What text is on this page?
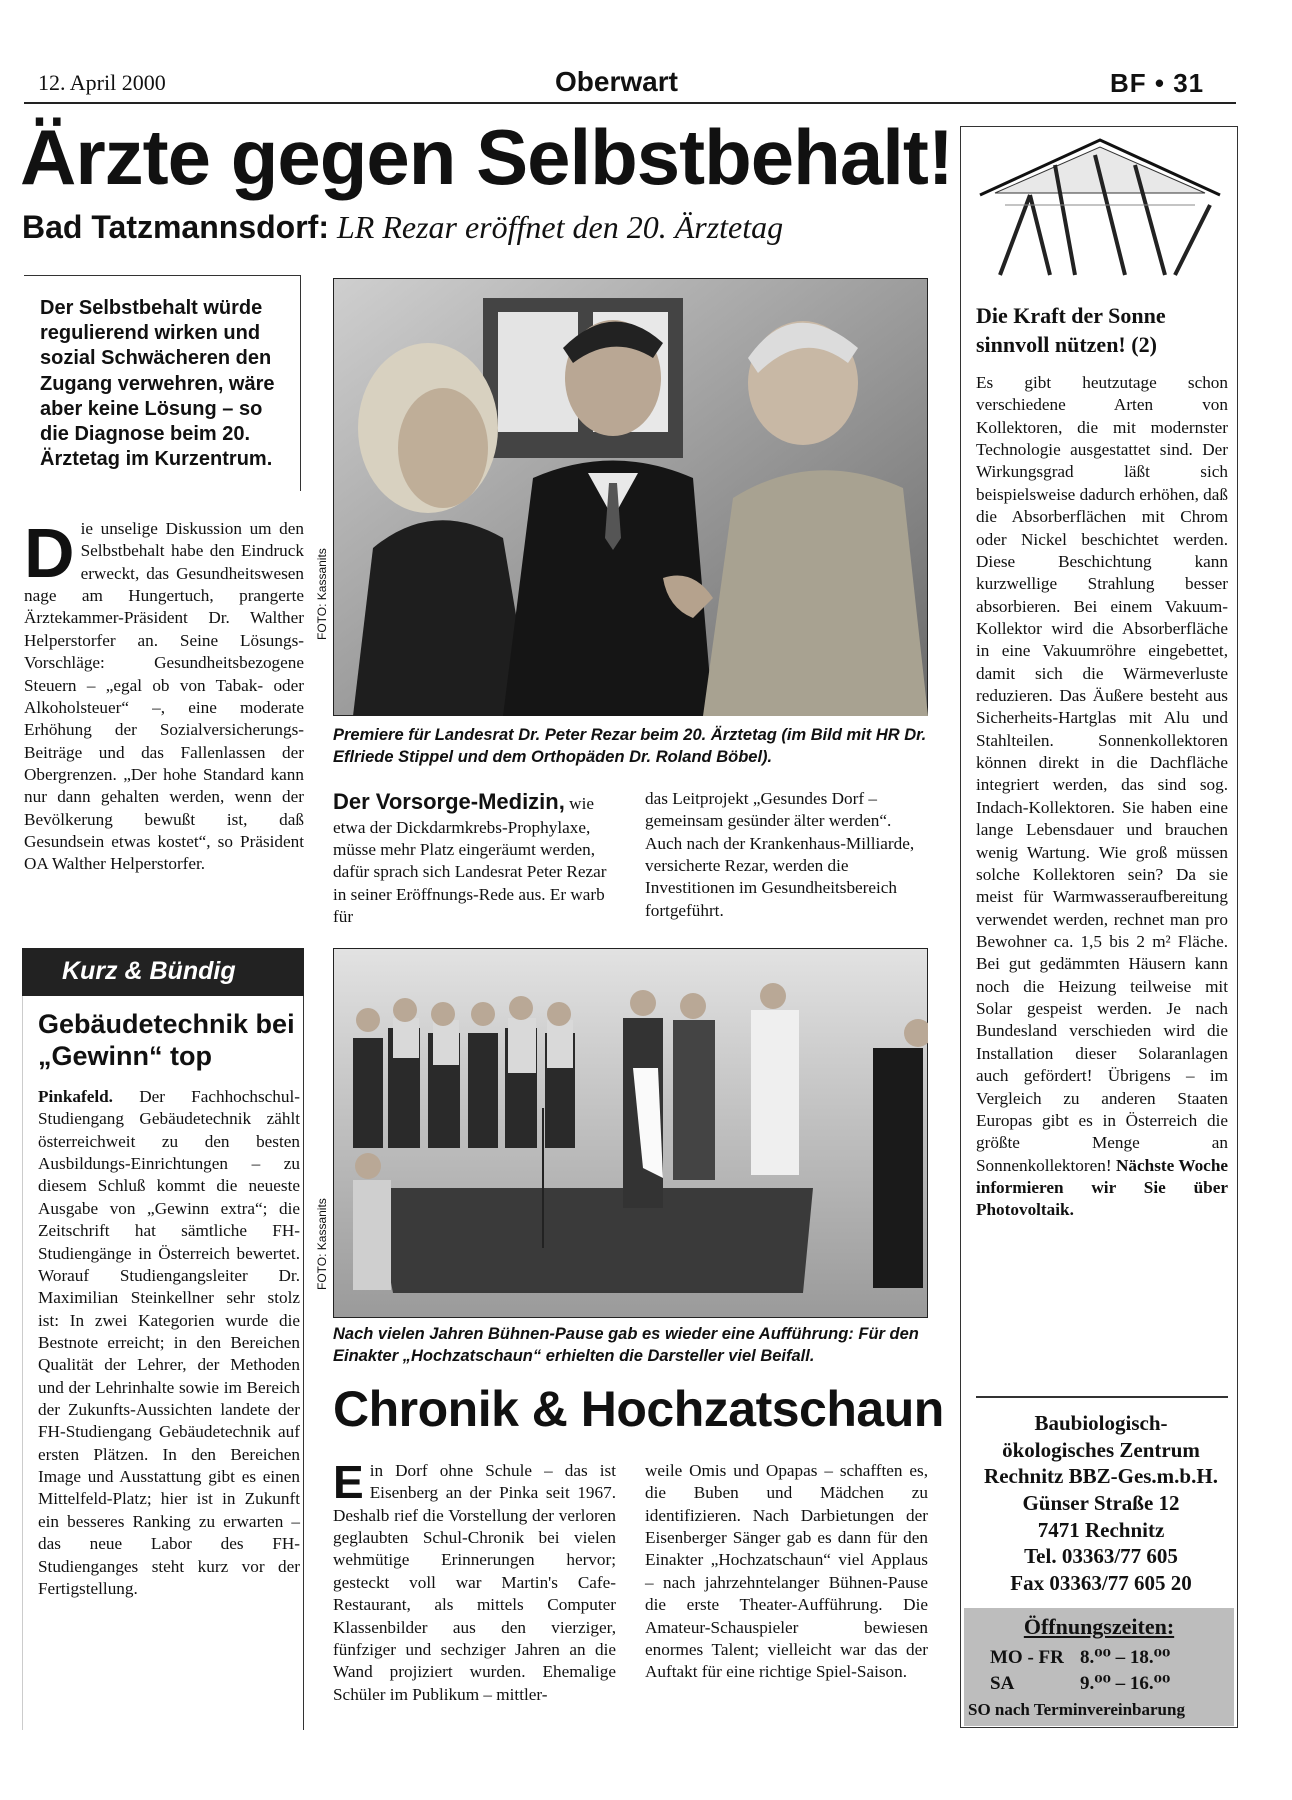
12. April 2000	Oberwart	BF • 31
Ärzte gegen Selbstbehalt!
Bad Tatzmannsdorf: LR Rezar eröffnet den 20. Ärztetag
Der Selbstbehalt würde regulierend wirken und sozial Schwächeren den Zugang verwehren, wäre aber keine Lösung – so die Diagnose beim 20. Ärztetag im Kurzentrum.
Die unselige Diskussion um den Selbstbehalt habe den Eindruck erweckt, das Gesundheitswesen nage am Hungertuch, prangerte Ärztekammer-Präsident Dr. Walther Helperstorfer an. Seine Lösungs-Vorschläge: Gesundheitsbezogene Steuern – „egal ob von Tabak- oder Alkoholsteuer“ –, eine moderate Erhöhung der Sozialversicherungs-Beiträge und das Fallenlassen der Obergrenzen. „Der hohe Standard kann nur dann gehalten werden, wenn der Bevölkerung bewußt ist, daß Gesundsein etwas kostet“, so Präsident OA Walther Helperstorfer.
FOTO: Kassanits
Premiere für Landesrat Dr. Peter Rezar beim 20. Ärztetag (im Bild mit HR Dr. Eflriede Stippel und dem Orthopäden Dr. Roland Böbel).
Der Vorsorge-Medizin, wie etwa der Dickdarmkrebs-Prophylaxe, müsse mehr Platz eingeräumt werden, dafür sprach sich Landesrat Peter Rezar in seiner Eröffnungs-Rede aus. Er warb für
das Leitprojekt „Gesundes Dorf – gemeinsam gesünder älter werden“. Auch nach der Krankenhaus-Milliarde, versicherte Rezar, werden die Investitionen im Gesundheitsbereich fortgeführt.
Kurz & Bündig
Gebäudetechnik bei „Gewinn“ top
Pinkafeld. Der Fachhochschul-Studiengang Gebäudetechnik zählt österreichweit zu den besten Ausbildungs-Einrichtungen – zu diesem Schluß kommt die neueste Ausgabe von „Gewinn extra“; die Zeitschrift hat sämtliche FH-Studiengänge in Österreich bewertet. Worauf Studiengangsleiter Dr. Maximilian Steinkellner sehr stolz ist: In zwei Kategorien wurde die Bestnote erreicht; in den Bereichen Qualität der Lehrer, der Methoden und der Lehrinhalte sowie im Bereich der Zukunfts-Aussichten landete der FH-Studiengang Gebäudetechnik auf ersten Plätzen. In den Bereichen Image und Ausstattung gibt es einen Mittelfeld-Platz; hier ist in Zukunft ein besseres Ranking zu erwarten – das neue Labor des FH-Studienganges steht kurz vor der Fertigstellung.
FOTO: Kassanits
Nach vielen Jahren Bühnen-Pause gab es wieder eine Aufführung: Für den Einakter „Hochzatschaun“ erhielten die Darsteller viel Beifall.
Chronik & Hochzatschaun
Ein Dorf ohne Schule – das ist Eisenberg an der Pinka seit 1967. Deshalb rief die Vorstellung der verloren geglaubten Schul-Chronik bei vielen wehmütige Erinnerungen hervor; gesteckt voll war Martin's Cafe-Restaurant, als mittels Computer Klassenbilder aus den vierziger, fünfziger und sechziger Jahren an die Wand projiziert wurden. Ehemalige Schüler im Publikum – mittler-
weile Omis und Opapas – schafften es, die Buben und Mädchen zu identifizieren. Nach Darbietungen der Eisenberger Sänger gab es dann für den Einakter „Hochzatschaun“ viel Applaus – nach jahrzehntelanger Bühnen-Pause die erste Theater-Aufführung. Die Amateur-Schauspieler bewiesen enormes Talent; vielleicht war das der Auftakt für eine richtige Spiel-Saison.
Die Kraft der Sonne sinnvoll nützen! (2)
Es gibt heutzutage schon verschiedene Arten von Kollektoren, die mit modernster Technologie ausgestattet sind. Der Wirkungsgrad läßt sich beispielsweise dadurch erhöhen, daß die Absorberflächen mit Chrom oder Nickel beschichtet werden. Diese Beschichtung kann kurzwellige Strahlung besser absorbieren. Bei einem Vakuum-Kollektor wird die Absorberfläche in eine Vakuumröhre eingebettet, damit sich die Wärmeverluste reduzieren. Das Äußere besteht aus Sicherheits-Hartglas mit Alu und Stahlteilen. Sonnenkollektoren können direkt in die Dachfläche integriert werden, das sind sog. Indach-Kollektoren. Sie haben eine lange Lebensdauer und brauchen wenig Wartung. Wie groß müssen solche Kollektoren sein? Da sie meist für Warmwasseraufbereitung verwendet werden, rechnet man pro Bewohner ca. 1,5 bis 2 m² Fläche. Bei gut gedämmten Häusern kann noch die Heizung teilweise mit Solar gespeist werden. Je nach Bundesland verschieden wird die Installation dieser Solaranlagen auch gefördert! Übrigens – im Vergleich zu anderen Staaten Europas gibt es in Österreich die größte Menge an Sonnenkollektoren! Nächste Woche informieren wir Sie über Photovoltaik.
Baubiologisch-
ökologisches Zentrum
Rechnitz BBZ-Ges.m.b.H.
Günser Straße 12
7471 Rechnitz
Tel. 03363/77 605
Fax 03363/77 605 20
Öffnungszeiten:
MO - FR 8.⁰⁰ – 18.⁰⁰
SA	9.⁰⁰ – 16.⁰⁰
SO nach Terminvereinbarung
